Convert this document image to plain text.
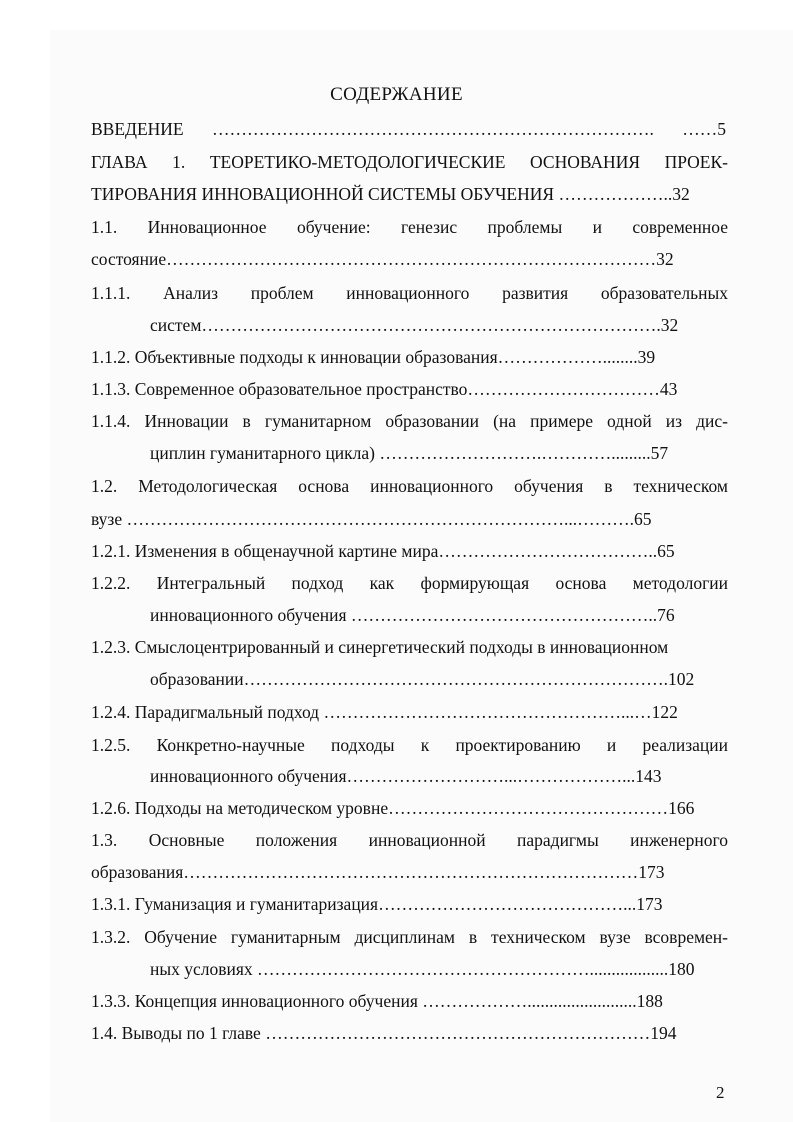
СОДЕРЖАНИЕ
ВВЕДЕНИЕ …………………………………………………………………. ……5
ГЛАВА 1. ТЕОРЕТИКО-МЕТОДОЛОГИЧЕСКИЕ ОСНОВАНИЯ ПРОЕК-
ТИРОВАНИЯ ИННОВАЦИОННОЙ СИСТЕМЫ ОБУЧЕНИЯ ………………..32
1.1. Инновационное обучение: генезис проблемы и современное
состояние…………………………………………………………………………32
1.1.1. Анализ проблем инновационного развития образовательных
систем…………………………………………………………………….32
1.1.2. Объективные подходы к инновации образования………………........39
1.1.3. Современное образовательное пространство……………………………43
1.1.4. Инновации в гуманитарном образовании (на примере одной из дис-
циплин гуманитарного цикла) ……………………….………….........57
1.2. Методологическая основа инновационного обучения в техническом
вузе …………………………………………………………………...……….65
1.2.1. Изменения в общенаучной картине мира………………………………..65
1.2.2. Интегральный подход как формирующая основа методологии
инновационного обучения ……………………………………………..76
1.2.3. Смыслоцентрированный и синергетический подходы в инновационном
образовании……………………………………………………………….102
1.2.4. Парадигмальный подход ……………………………………………...…122
1.2.5. Конкретно-научные подходы к проектированию и реализации
инновационного обучения………………………...………………...143
1.2.6. Подходы на методическом уровне…………………………………………166
1.3. Основные положения инновационной парадигмы инженерного
образования……………………………………………………………………173
1.3.1. Гуманизация и гуманитаризация……………………………………...173
1.3.2. Обучение гуманитарным дисциплинам в техническом вузе всовремен-
ных условиях …………………………………………………..................180
1.3.3. Концепция инновационного обучения ……………….........................188
1.4. Выводы по 1 главе …………………………………………………………194
2
